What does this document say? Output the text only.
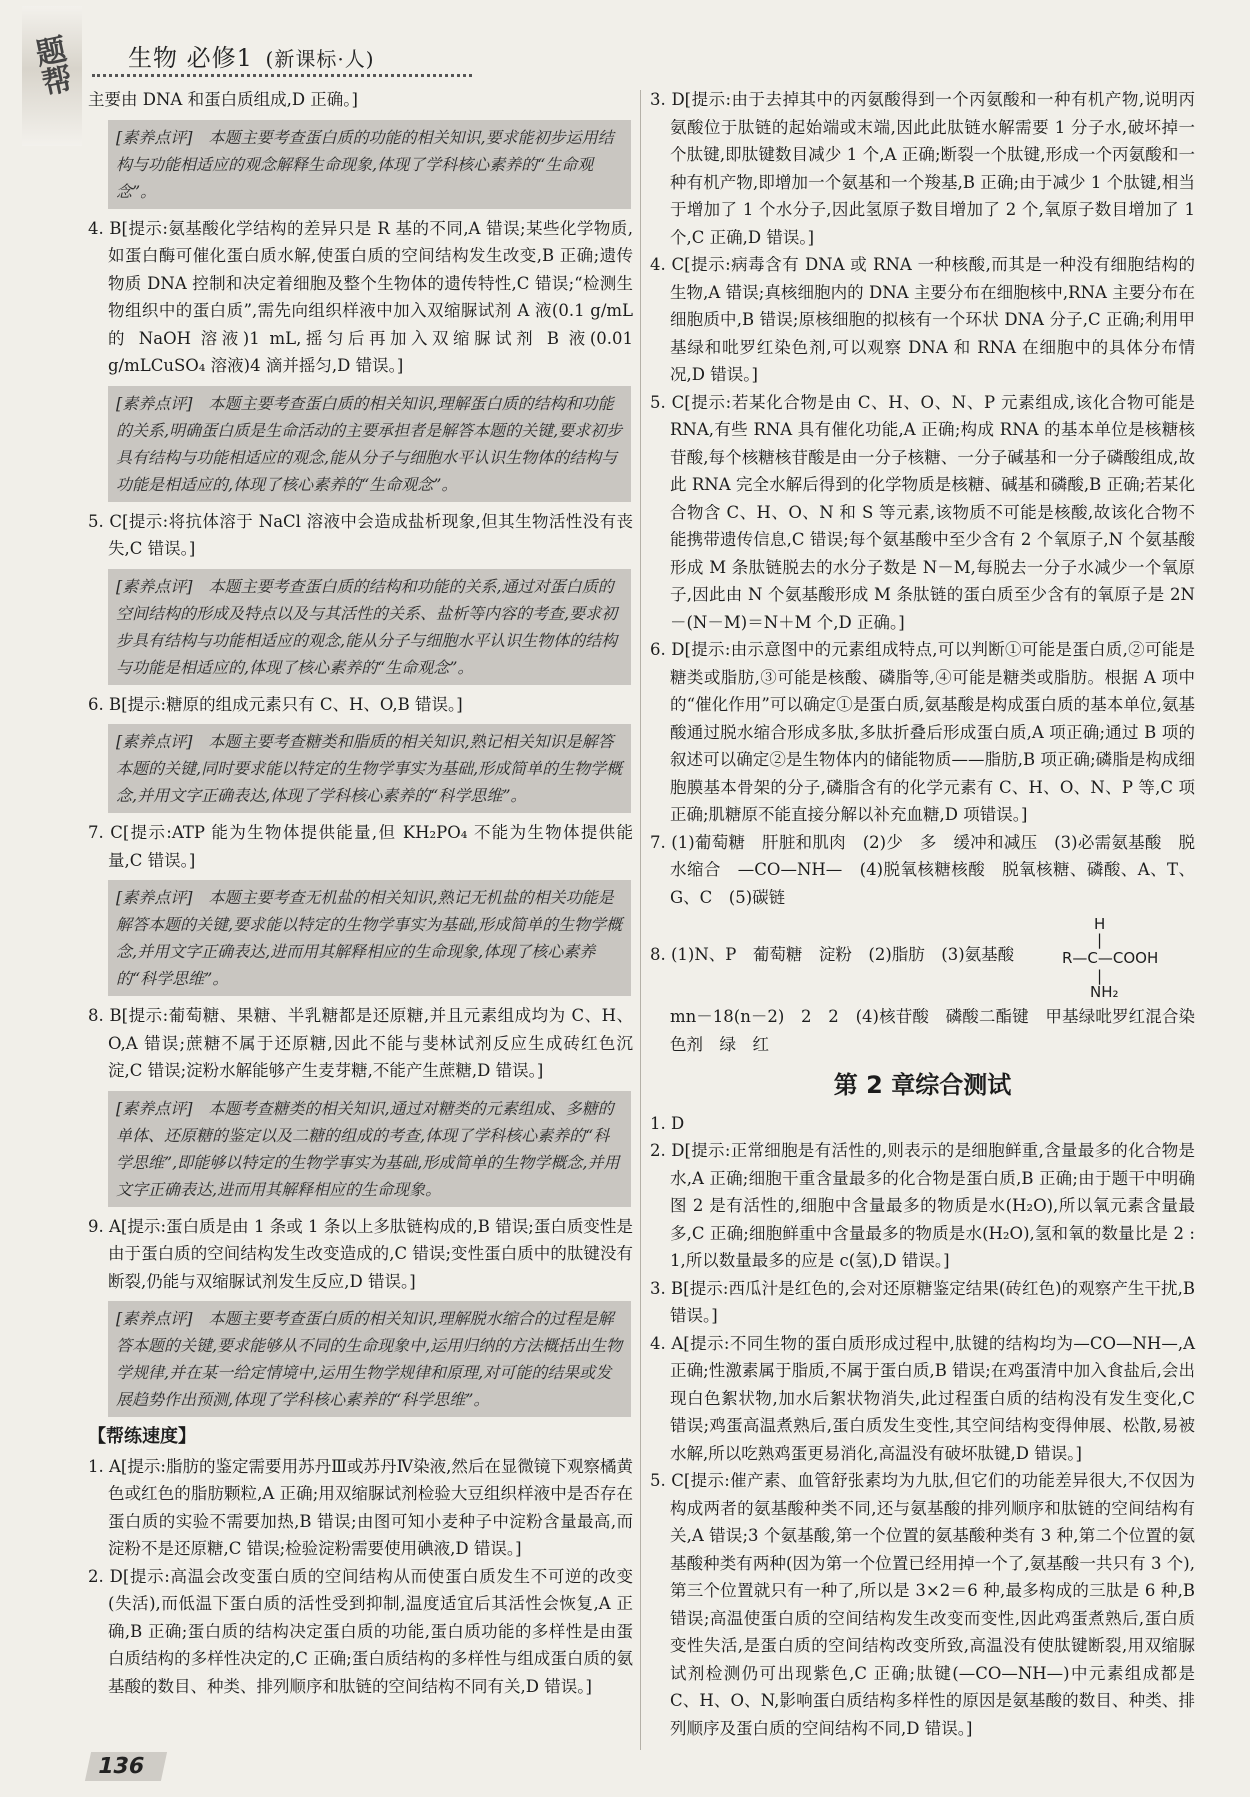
题帮 生物 必修1 (新课标·人)

主要由 DNA 和蛋白质组成,D 正确。]

[素养点评]　本题主要考查蛋白质的功能的相关知识,要求能初步运用结构与功能相适应的观念解释生命现象,体现了学科核心素养的“生命观念”。

4. B[提示:氨基酸化学结构的差异只是 R 基的不同,A 错误;某些化学物质,如蛋白酶可催化蛋白质水解,使蛋白质的空间结构发生改变,B 正确;遗传物质 DNA 控制和决定着细胞及整个生物体的遗传特性,C 错误;“检测生物组织中的蛋白质”,需先向组织样液中加入双缩脲试剂 A 液(0.1 g/mL 的 NaOH 溶液)1 mL,摇匀后再加入双缩脲试剂 B 液(0.01 g/mLCuSO₄ 溶液)4 滴并摇匀,D 错误。]

[素养点评]　本题主要考查蛋白质的相关知识,理解蛋白质的结构和功能的关系,明确蛋白质是生命活动的主要承担者是解答本题的关键,要求初步具有结构与功能相适应的观念,能从分子与细胞水平认识生物体的结构与功能是相适应的,体现了核心素养的“生命观念”。

5. C[提示:将抗体溶于 NaCl 溶液中会造成盐析现象,但其生物活性没有丧失,C 错误。]

[素养点评]　本题主要考查蛋白质的结构和功能的关系,通过对蛋白质的空间结构的形成及特点以及与其活性的关系、盐析等内容的考查,要求初步具有结构与功能相适应的观念,能从分子与细胞水平认识生物体的结构与功能是相适应的,体现了核心素养的“生命观念”。

6. B[提示:糖原的组成元素只有 C、H、O,B 错误。]

[素养点评]　本题主要考查糖类和脂质的相关知识,熟记相关知识是解答本题的关键,同时要求能以特定的生物学事实为基础,形成简单的生物学概念,并用文字正确表达,体现了学科核心素养的“科学思维”。

7. C[提示:ATP 能为生物体提供能量,但 KH₂PO₄ 不能为生物体提供能量,C 错误。]

[素养点评]　本题主要考查无机盐的相关知识,熟记无机盐的相关功能是解答本题的关键,要求能以特定的生物学事实为基础,形成简单的生物学概念,并用文字正确表达,进而用其解释相应的生命现象,体现了核心素养的“科学思维”。

8. B[提示:葡萄糖、果糖、半乳糖都是还原糖,并且元素组成均为 C、H、O,A 错误;蔗糖不属于还原糖,因此不能与斐林试剂反应生成砖红色沉淀,C 错误;淀粉水解能够产生麦芽糖,不能产生蔗糖,D 错误。]

[素养点评]　本题考查糖类的相关知识,通过对糖类的元素组成、多糖的单体、还原糖的鉴定以及二糖的组成的考查,体现了学科核心素养的“科学思维”,即能够以特定的生物学事实为基础,形成简单的生物学概念,并用文字正确表达,进而用其解释相应的生命现象。

9. A[提示:蛋白质是由 1 条或 1 条以上多肽链构成的,B 错误;蛋白质变性是由于蛋白质的空间结构发生改变造成的,C 错误;变性蛋白质中的肽键没有断裂,仍能与双缩脲试剂发生反应,D 错误。]

[素养点评]　本题主要考查蛋白质的相关知识,理解脱水缩合的过程是解答本题的关键,要求能够从不同的生命现象中,运用归纳的方法概括出生物学规律,并在某一给定情境中,运用生物学规律和原理,对可能的结果或发展趋势作出预测,体现了学科核心素养的“科学思维”。
【帮练速度】

1. A[提示:脂肪的鉴定需要用苏丹Ⅲ或苏丹Ⅳ染液,然后在显微镜下观察橘黄色或红色的脂肪颗粒,A 正确;用双缩脲试剂检验大豆组织样液中是否存在蛋白质的实验不需要加热,B 错误;由图可知小麦种子中淀粉含量最高,而淀粉不是还原糖,C 错误;检验淀粉需要使用碘液,D 错误。]

2. D[提示:高温会改变蛋白质的空间结构从而使蛋白质发生不可逆的改变(失活),而低温下蛋白质的活性受到抑制,温度适宜后其活性会恢复,A 正确,B 正确;蛋白质的结构决定蛋白质的功能,蛋白质功能的多样性是由蛋白质结构的多样性决定的,C 正确;蛋白质结构的多样性与组成蛋白质的氨基酸的数目、种类、排列顺序和肽链的空间结构不同有关,D 错误。]

3. D[提示:由于去掉其中的丙氨酸得到一个丙氨酸和一种有机产物,说明丙氨酸位于肽链的起始端或末端,因此此肽链水解需要 1 分子水,破坏掉一个肽键,即肽键数目减少 1 个,A 正确;断裂一个肽键,形成一个丙氨酸和一种有机产物,即增加一个氨基和一个羧基,B 正确;由于减少 1 个肽键,相当于增加了 1 个水分子,因此氢原子数目增加了 2 个,氧原子数目增加了 1 个,C 正确,D 错误。]

4. C[提示:病毒含有 DNA 或 RNA 一种核酸,而其是一种没有细胞结构的生物,A 错误;真核细胞内的 DNA 主要分布在细胞核中,RNA 主要分布在细胞质中,B 错误;原核细胞的拟核有一个环状 DNA 分子,C 正确;利用甲基绿和吡罗红染色剂,可以观察 DNA 和 RNA 在细胞中的具体分布情况,D 错误。]

5. C[提示:若某化合物是由 C、H、O、N、P 元素组成,该化合物可能是 RNA,有些 RNA 具有催化功能,A 正确;构成 RNA 的基本单位是核糖核苷酸,每个核糖核苷酸是由一分子核糖、一分子碱基和一分子磷酸组成,故此 RNA 完全水解后得到的化学物质是核糖、碱基和磷酸,B 正确;若某化合物含 C、H、O、N 和 S 等元素,该物质不可能是核酸,故该化合物不能携带遗传信息,C 错误;每个氨基酸中至少含有 2 个氧原子,N 个氨基酸形成 M 条肽链脱去的水分子数是 N－M,每脱去一分子水减少一个氧原子,因此由 N 个氨基酸形成 M 条肽链的蛋白质至少含有的氧原子是 2N－(N－M)＝N＋M 个,D 正确。]

6. D[提示:由示意图中的元素组成特点,可以判断①可能是蛋白质,②可能是糖类或脂肪,③可能是核酸、磷脂等,④可能是糖类或脂肪。根据 A 项中的“催化作用”可以确定①是蛋白质,氨基酸是构成蛋白质的基本单位,氨基酸通过脱水缩合形成多肽,多肽折叠后形成蛋白质,A 项正确;通过 B 项的叙述可以确定②是生物体内的储能物质——脂肪,B 项正确;磷脂是构成细胞膜基本骨架的分子,磷脂含有的化学元素有 C、H、O、N、P 等,C 项正确;肌糖原不能直接分解以补充血糖,D 项错误。]

7. (1)葡萄糖　肝脏和肌肉　(2)少　多　缓冲和减压　(3)必需氨基酸　脱水缩合　—CO—NH—　(4)脱氧核糖核酸　脱氧核糖、磷酸、A、T、G、C　(5)碳链

8. (1)N、P　葡萄糖　淀粉　(2)脂肪　(3)氨基酸
H
|
R—C—COOH
|
NH₂

mn－18(n－2)　2　2　(4)核苷酸　磷酸二酯键　甲基绿吡罗红混合染色剂　绿　红

第 2 章综合测试

1. D

2. D[提示:正常细胞是有活性的,则表示的是细胞鲜重,含量最多的化合物是水,A 正确;细胞干重含量最多的化合物是蛋白质,B 正确;由于题干中明确图 2 是有活性的,细胞中含量最多的物质是水(H₂O),所以氧元素含量最多,C 正确;细胞鲜重中含量最多的物质是水(H₂O),氢和氧的数量比是 2 : 1,所以数量最多的应是 c(氢),D 错误。]

3. B[提示:西瓜汁是红色的,会对还原糖鉴定结果(砖红色)的观察产生干扰,B 错误。]

4. A[提示:不同生物的蛋白质形成过程中,肽键的结构均为—CO—NH—,A 正确;性激素属于脂质,不属于蛋白质,B 错误;在鸡蛋清中加入食盐后,会出现白色絮状物,加水后絮状物消失,此过程蛋白质的结构没有发生变化,C 错误;鸡蛋高温煮熟后,蛋白质发生变性,其空间结构变得伸展、松散,易被水解,所以吃熟鸡蛋更易消化,高温没有破坏肽键,D 错误。]

5. C[提示:催产素、血管舒张素均为九肽,但它们的功能差异很大,不仅因为构成两者的氨基酸种类不同,还与氨基酸的排列顺序和肽链的空间结构有关,A 错误;3 个氨基酸,第一个位置的氨基酸种类有 3 种,第二个位置的氨基酸种类有两种(因为第一个位置已经用掉一个了,氨基酸一共只有 3 个),第三个位置就只有一种了,所以是 3×2＝6 种,最多构成的三肽是 6 种,B 错误;高温使蛋白质的空间结构发生改变而变性,因此鸡蛋煮熟后,蛋白质变性失活,是蛋白质的空间结构改变所致,高温没有使肽键断裂,用双缩脲试剂检测仍可出现紫色,C 正确;肽键(—CO—NH—)中元素组成都是 C、H、O、N,影响蛋白质结构多样性的原因是氨基酸的数目、种类、排列顺序及蛋白质的空间结构不同,D 错误。]

136
